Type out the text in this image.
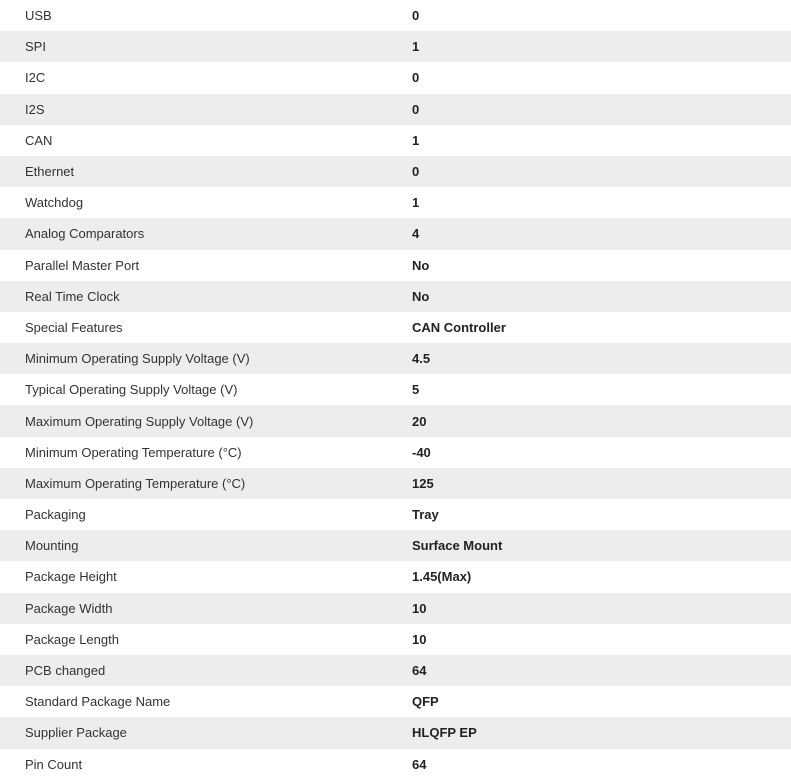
USB	0
SPI	1
I2C	0
I2S	0
CAN	1
Ethernet	0
Watchdog	1
Analog Comparators	4
Parallel Master Port	No
Real Time Clock	No
Special Features	CAN Controller
Minimum Operating Supply Voltage (V)	4.5
Typical Operating Supply Voltage (V)	5
Maximum Operating Supply Voltage (V)	20
Minimum Operating Temperature (°C)	-40
Maximum Operating Temperature (°C)	125
Packaging	Tray
Mounting	Surface Mount
Package Height	1.45(Max)
Package Width	10
Package Length	10
PCB changed	64
Standard Package Name	QFP
Supplier Package	HLQFP EP
Pin Count	64
